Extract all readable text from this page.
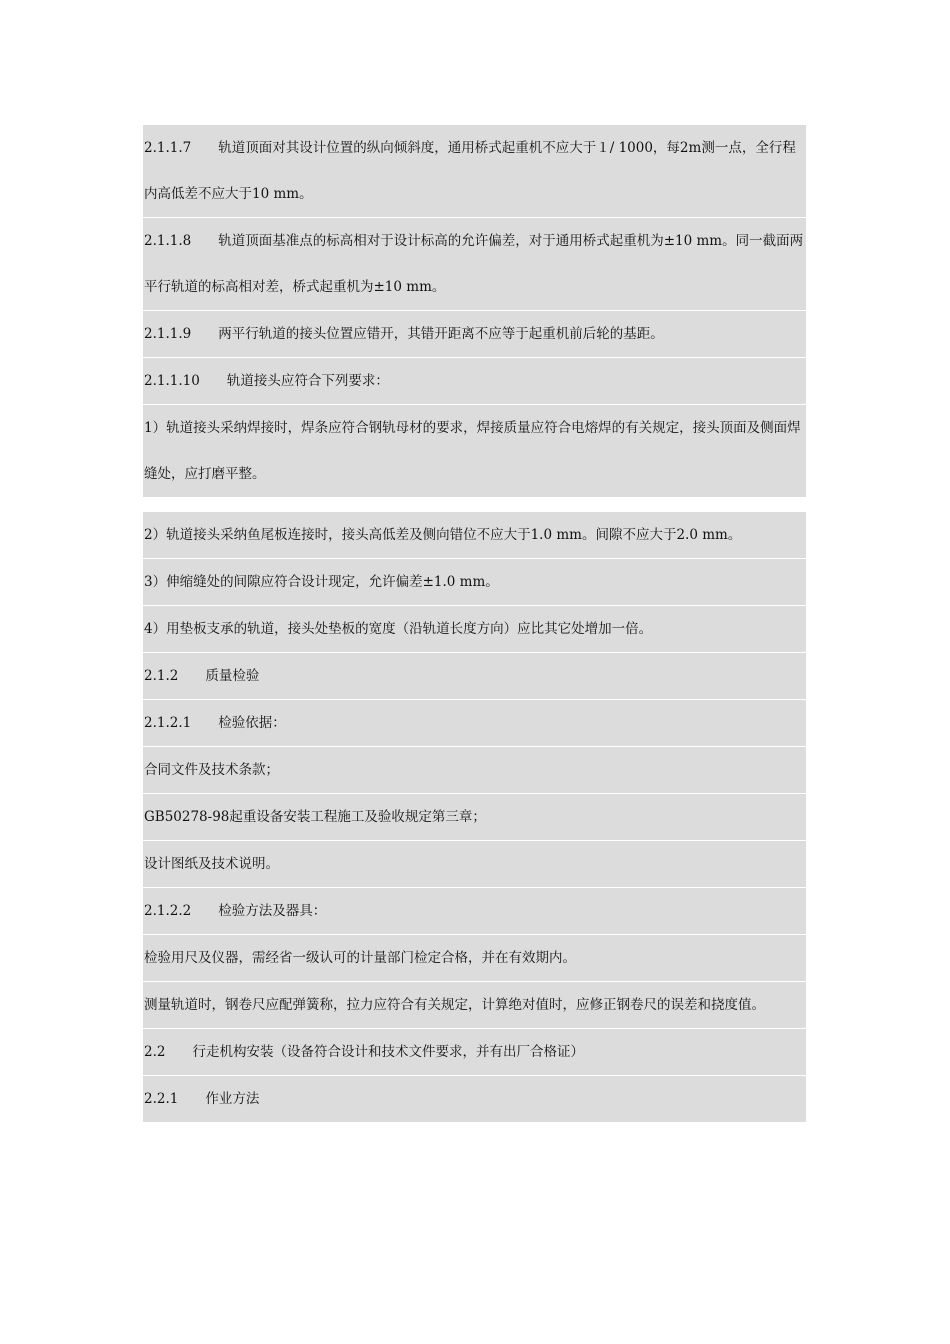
2.1.1.7　　轨道顶面对其设计位置的纵向倾斜度，通用桥式起重机不应大于１/ 1000，每2m测一点，全行程内高低差不应大于10 mm。

2.1.1.8　　轨道顶面基准点的标高相对于设计标高的允许偏差，对于通用桥式起重机为±10 mm。同一截面两平行轨道的标高相对差，桥式起重机为±10 mm。

2.1.1.9　　两平行轨道的接头位置应错开，其错开距离不应等于起重机前后轮的基距。

2.1.1.10　　轨道接头应符合下列要求：

1）轨道接头采纳焊接时，焊条应符合钢轨母材的要求，焊接质量应符合电熔焊的有关规定，接头顶面及侧面焊缝处，应打磨平整。

2）轨道接头采纳鱼尾板连接时，接头高低差及侧向错位不应大于1.0 mm。间隙不应大于2.0 mm。

3）伸缩缝处的间隙应符合设计现定，允许偏差±1.0 mm。

4）用垫板支承的轨道，接头处垫板的宽度（沿轨道长度方向）应比其它处增加一倍。

2.1.2　　质量检验

2.1.2.1　　检验依据：

合同文件及技术条款；

GB50278-98起重设备安装工程施工及验收规定第三章；

设计图纸及技术说明。

2.1.2.2　　检验方法及器具：

检验用尺及仪器，需经省一级认可的计量部门检定合格，并在有效期内。

测量轨道时，钢卷尺应配弹簧称，拉力应符合有关规定，计算绝对值时，应修正钢卷尺的误差和挠度值。

2.2　　行走机构安装（设备符合设计和技术文件要求，并有出厂合格证）

2.2.1　　作业方法
